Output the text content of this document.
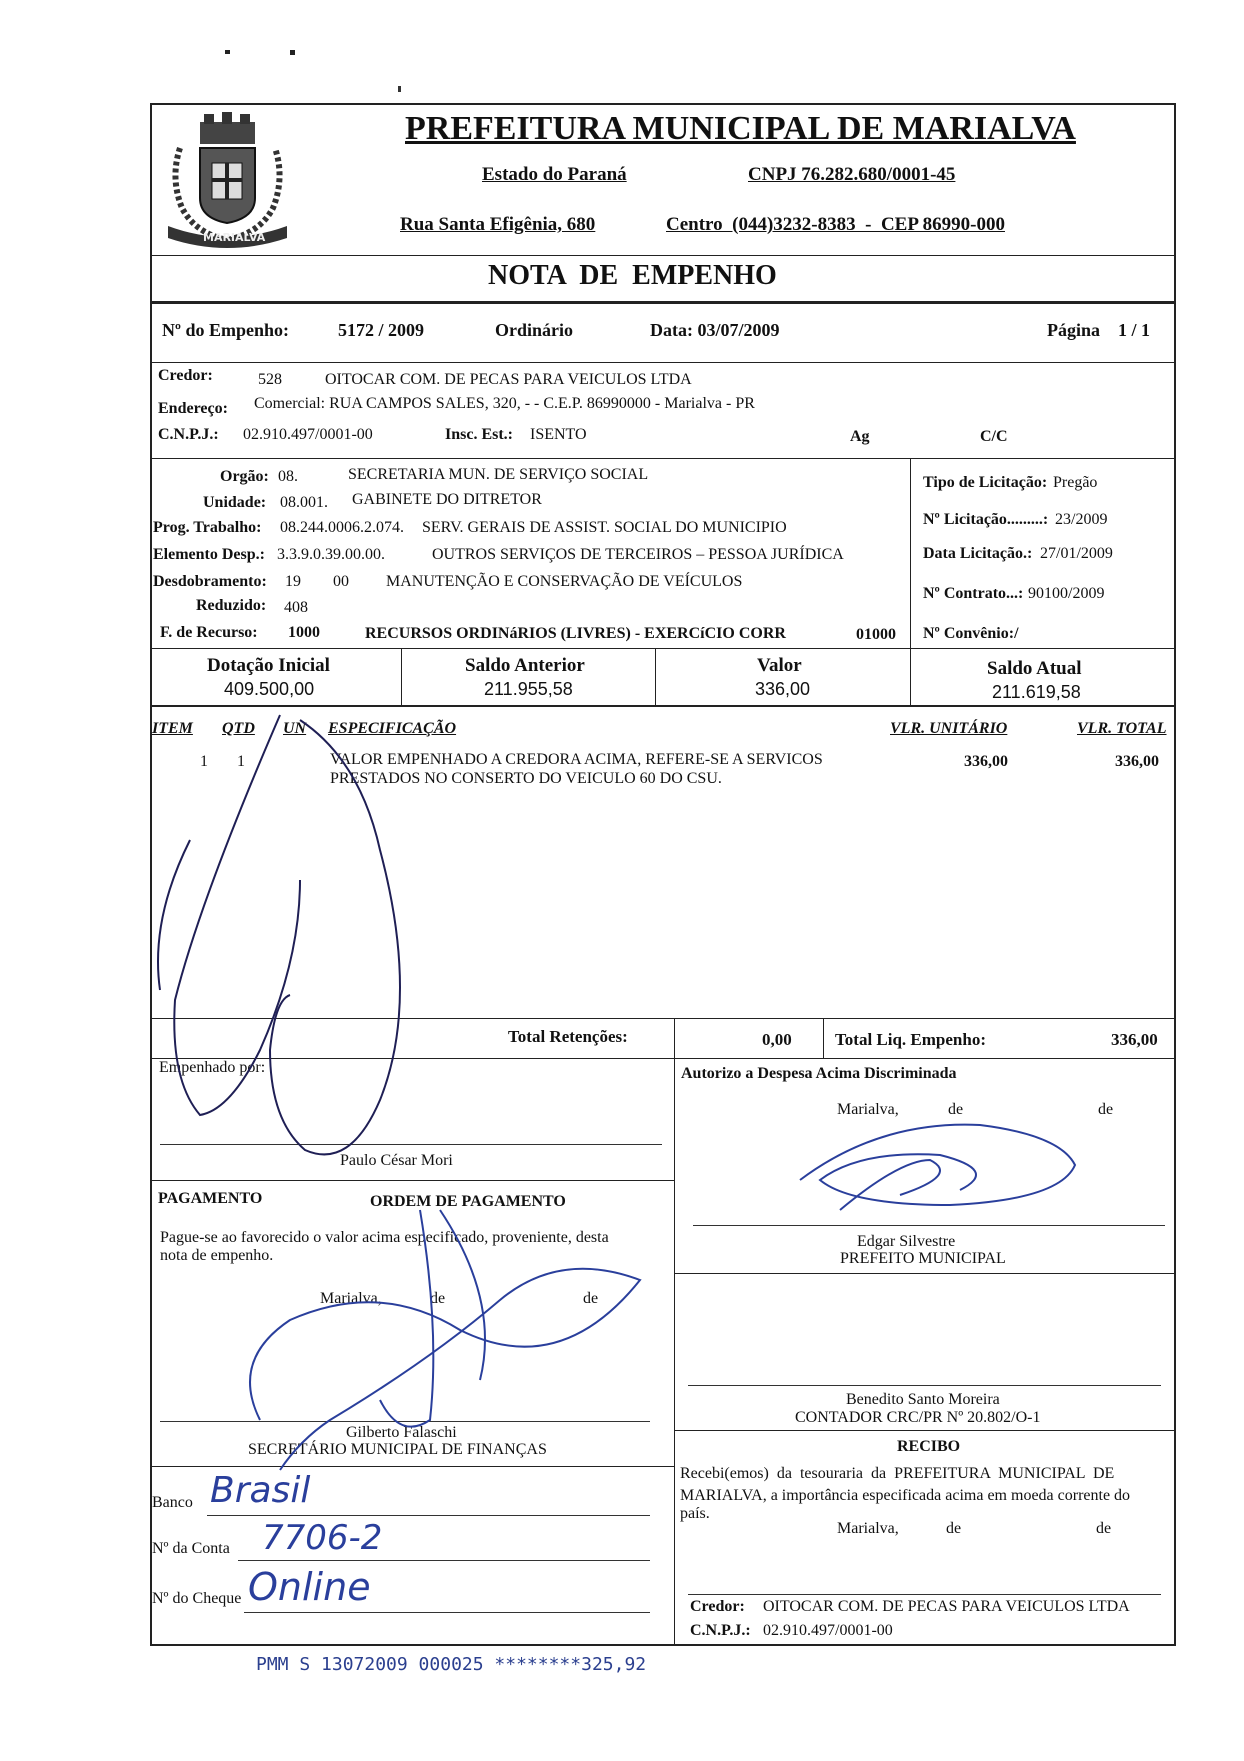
MARIALVA
PREFEITURA MUNICIPAL DE MARIALVA
Estado do Paraná	CNPJ 76.282.680/0001-45
Rua Santa Efigênia, 680	Centro  (044)3232-8383  -  CEP 86990-000
NOTA  DE  EMPENHO
Nº do Empenho:	5172 / 2009	Ordinário	Data: 03/07/2009	Página 1 / 1
Credor:	528	OITOCAR COM. DE PECAS PARA VEICULOS LTDA
Endereço: Comercial: RUA CAMPOS SALES, 320, - - C.E.P. 86990000 - Marialva - PR
C.N.P.J.: 02.910.497/0001-00	Insc. Est.: ISENTO	Ag	C/C
Orgão: 08.	SECRETARIA MUN. DE SERVIÇO SOCIAL
Unidade: 08.001. GABINETE DO DITRETOR
Prog. Trabalho: 08.244.0006.2.074. SERV. GERAIS DE ASSIST. SOCIAL DO MUNICIPIO
Elemento Desp.: 3.3.9.0.39.00.00.	OUTROS SERVIÇOS DE TERCEIROS – PESSOA JURÍDICA
Desdobramento: 19 00 MANUTENÇÃO E CONSERVAÇÃO DE VEÍCULOS
Reduzido: 408
F. de Recurso: 1000	RECURSOS ORDINáRIOS (LIVRES) - EXERCíCIO CORR	01000
Tipo de Licitação: Pregão
Nº Licitação.........: 23/2009
Data Licitação.: 27/01/2009
Nº Contrato...: 90100/2009
Nº Convênio:/
Dotação Inicial
409.500,00
Saldo Anterior
211.955,58
Valor
336,00
Saldo Atual
211.619,58
ITEM QTD UN ESPECIFICAÇÃO	VLR. UNITÁRIO	VLR. TOTAL
1 1	VALOR EMPENHADO A CREDORA ACIMA, REFERE-SE A SERVICOS
PRESTADOS NO CONSERTO DO VEICULO 60 DO CSU.
336,00	336,00
Total Retenções:	0,00	Total Liq. Empenho:	336,00
Empenhado por:
Paulo César Mori
Autorizo a Despesa Acima Discriminada
Marialva,	de	de
Edgar Silvestre
PREFEITO MUNICIPAL
PAGAMENTO	ORDEM DE PAGAMENTO
Pague-se ao favorecido o valor acima especificado, proveniente, desta
nota de empenho.
Marialva,	de	de
Gilberto Falaschi
SECRETÁRIO MUNICIPAL DE FINANÇAS
Benedito Santo Moreira
CONTADOR CRC/PR Nº 20.802/O-1
Banco Brasil
Nº da Conta 7706-2
Nº do Cheque Online
RECIBO
Recebi(emos)  da  tesouraria  da  PREFEITURA  MUNICIPAL  DE
MARIALVA, a importância especificada acima em moeda corrente do
país.
Marialva,	de	de
Credor: OITOCAR COM. DE PECAS PARA VEICULOS LTDA
C.N.P.J.: 02.910.497/0001-00
PMM S 13072009 000025 ********325,92
